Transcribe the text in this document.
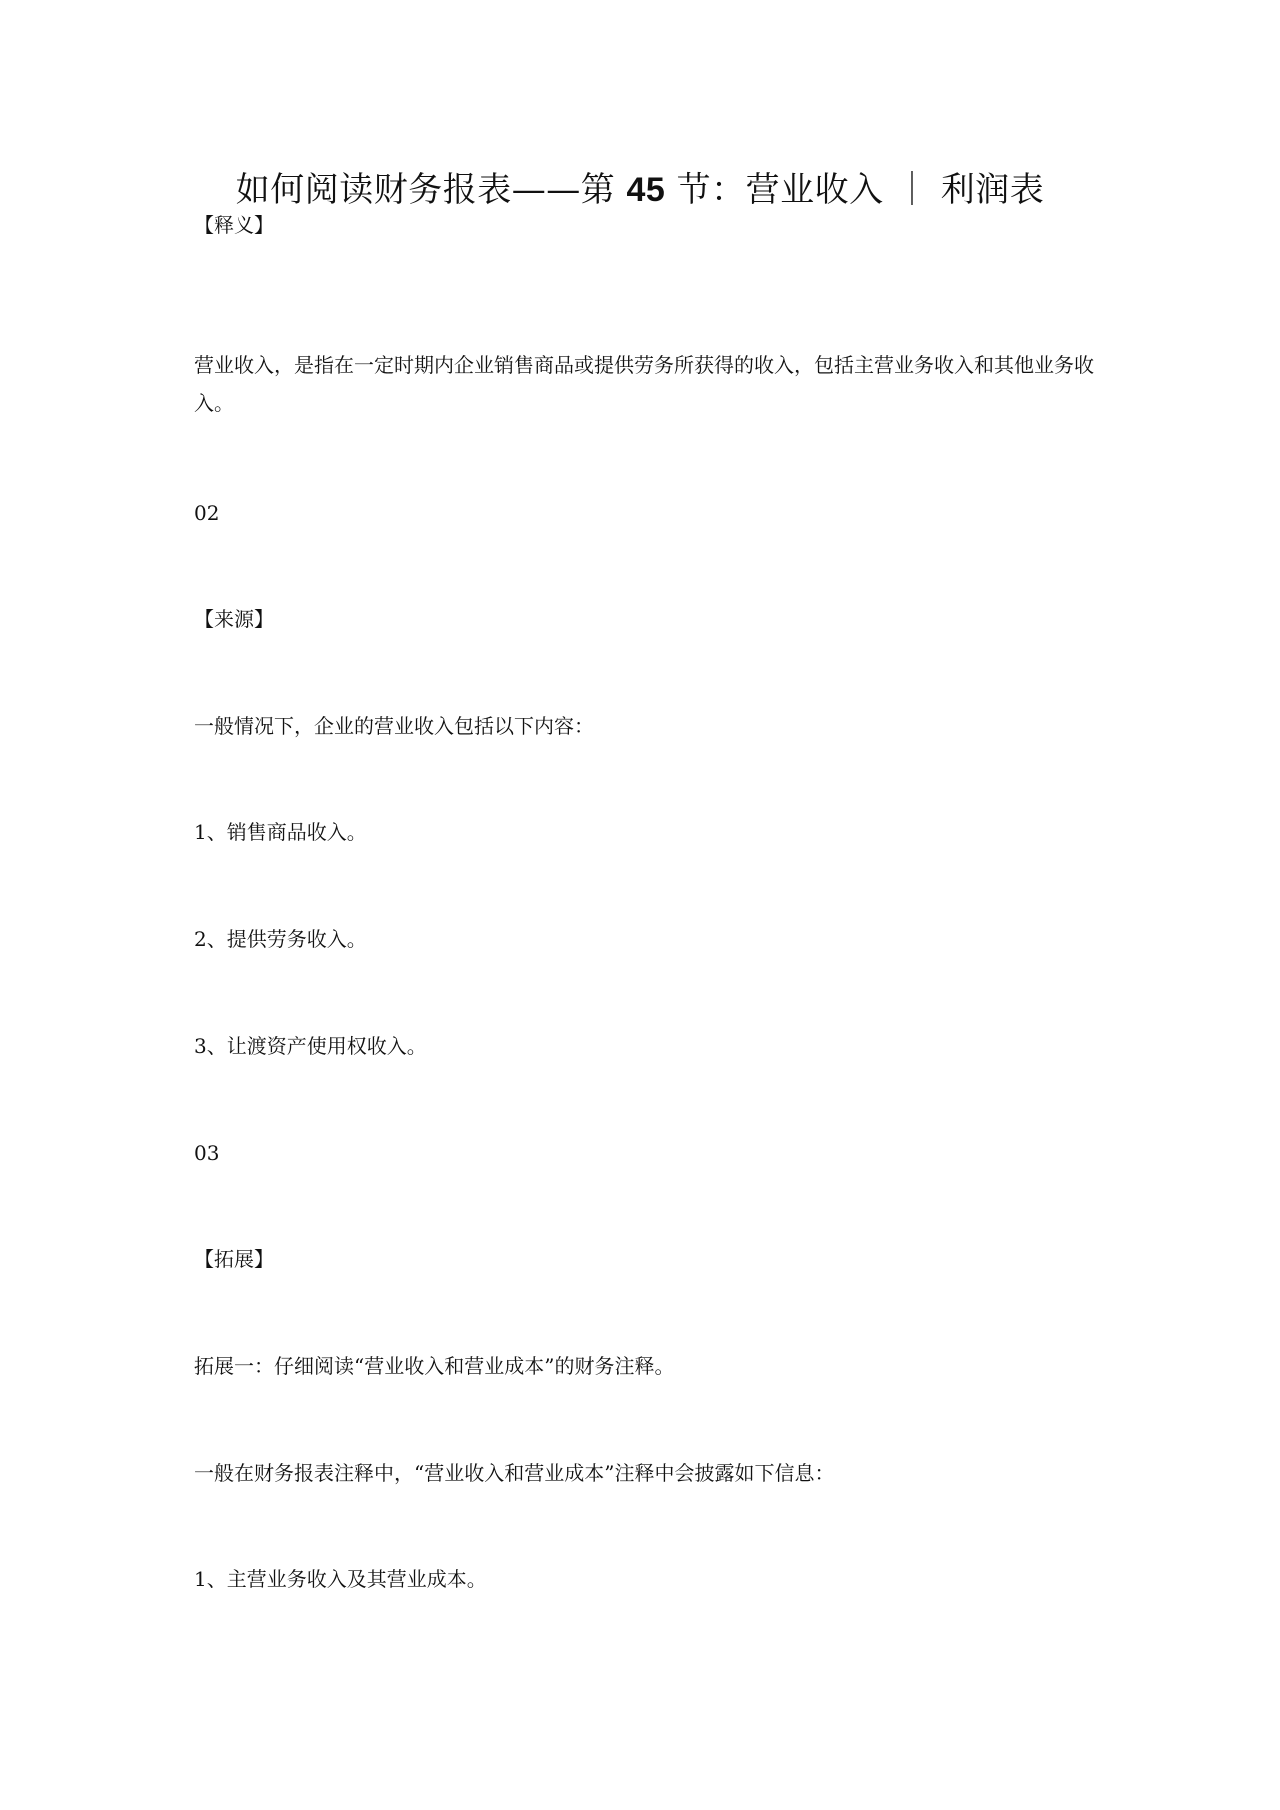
如何阅读财务报表——第 45 节：营业收入 ｜ 利润表
【释义】
营业收入，是指在一定时期内企业销售商品或提供劳务所获得的收入，包括主营业务收入和其他业务收入。
02
【来源】
一般情况下，企业的营业收入包括以下内容：
1、销售商品收入。
2、提供劳务收入。
3、让渡资产使用权收入。
03
【拓展】
拓展一：仔细阅读“营业收入和营业成本”的财务注释。
一般在财务报表注释中，“营业收入和营业成本”注释中会披露如下信息：
1、主营业务收入及其营业成本。
